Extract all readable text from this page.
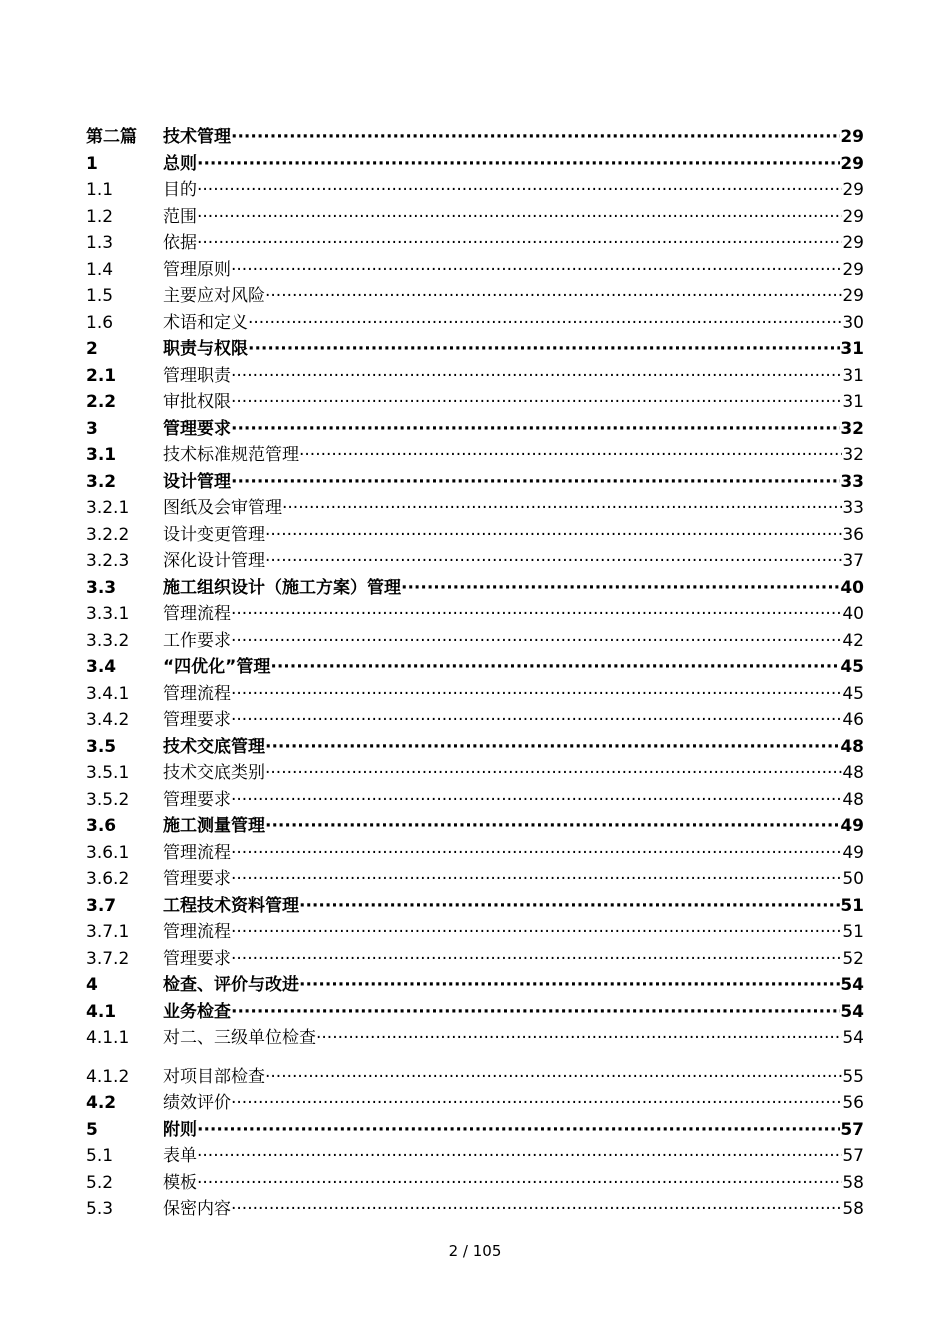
第二篇	技术管理 ·····	29
1	总则 ·····	29
1.1	目的 ·····	29
1.2	范围 ·····	29
1.3	依据 ·····	29
1.4	管理原则 ·····	29
1.5	主要应对风险 ·····	29
1.6	术语和定义 ·····	30
2	职责与权限 ·····	31
2.1	管理职责 ·····	31
2.2	审批权限 ·····	31
3	管理要求 ·····	32
3.1	技术标准规范管理 ·····	32
3.2	设计管理 ·····	33
3.2.1	图纸及会审管理 ·····	33
3.2.2	设计变更管理 ·····	36
3.2.3	深化设计管理 ·····	37
3.3	施工组织设计（施工方案）管理 ·····	40
3.3.1	管理流程 ·····	40
3.3.2	工作要求 ·····	42
3.4	“四优化”管理 ·····	45
3.4.1	管理流程 ·····	45
3.4.2	管理要求 ·····	46
3.5	技术交底管理 ·····	48
3.5.1	技术交底类别 ·····	48
3.5.2	管理要求 ·····	48
3.6	施工测量管理 ·····	49
3.6.1	管理流程 ·····	49
3.6.2	管理要求 ·····	50
3.7	工程技术资料管理 ·····	51
3.7.1	管理流程 ·····	51
3.7.2	管理要求 ·····	52
4	检查、评价与改进 ·····	54
4.1	业务检查 ·····	54
4.1.1	对二、三级单位检查 ·····	54
4.1.2	对项目部检查 ·····	55
4.2	绩效评价 ·····	56
5	附则 ·····	57
5.1	表单 ·····	57
5.2	模板 ·····	58
5.3	保密内容 ·····	58
2 / 105
